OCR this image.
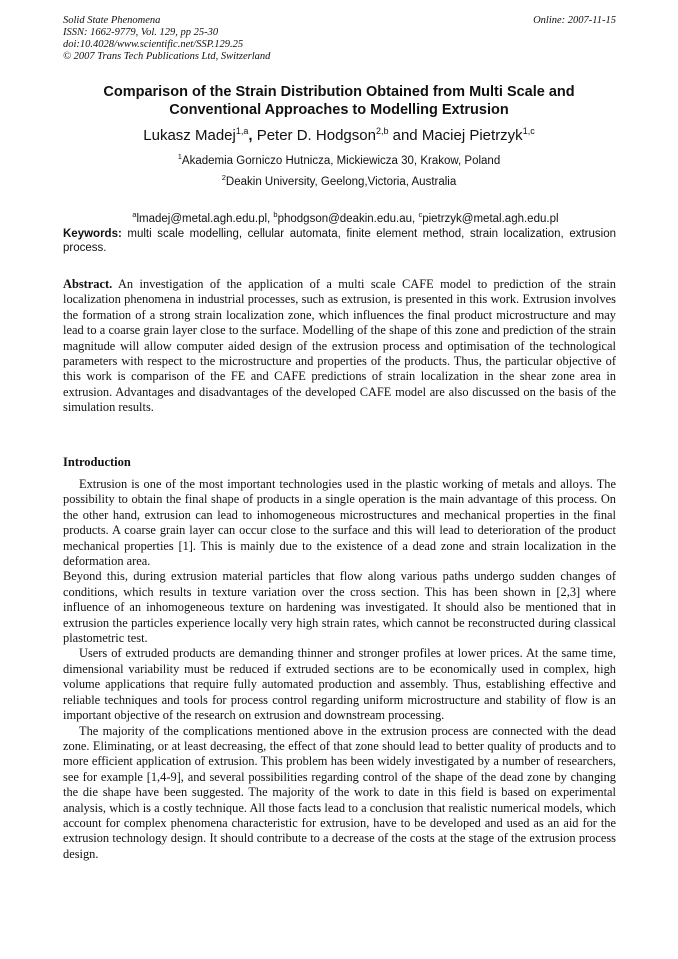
Solid State Phenomena
ISSN: 1662-9779, Vol. 129, pp 25-30
doi:10.4028/www.scientific.net/SSP.129.25
© 2007 Trans Tech Publications Ltd, Switzerland
Online: 2007-11-15
Comparison of the Strain Distribution Obtained from Multi Scale and
Conventional Approaches to Modelling Extrusion
Lukasz Madej$^{1,a}$, Peter D. Hodgson$^{2,b}$ and Maciej Pietrzyk$^{1,c}$
$^1$Akademia Gorniczo Hutnicza, Mickiewicza 30, Krakow, Poland
$^2$Deakin University, Geelong,Victoria, Australia

$^a$lmadej@metal.agh.edu.pl, $^b$phodgson@deakin.edu.au, $^c$pietrzyk@metal.agh.edu.pl

Keywords: multi scale modelling, cellular automata, finite element method, strain localization, extrusion process.

Abstract. An investigation of the application of a multi scale CAFE model to prediction of the strain localization phenomena in industrial processes, such as extrusion, is presented in this work. Extrusion involves the formation of a strong strain localization zone, which influences the final product microstructure and may lead to a coarse grain layer close to the surface. Modelling of the shape of this zone and prediction of the strain magnitude will allow computer aided design of the extrusion process and optimisation of the technological parameters with respect to the microstructure and properties of the products. Thus, the particular objective of this work is comparison of the FE and CAFE predictions of strain localization in the shear zone area in extrusion. Advantages and disadvantages of the developed CAFE model are also discussed on the basis of the simulation results.

Introduction

Extrusion is one of the most important technologies used in the plastic working of metals and alloys. The possibility to obtain the final shape of products in a single operation is the main advantage of this process. On the other hand, extrusion can lead to inhomogeneous microstructures and mechanical properties in the final products. A coarse grain layer can occur close to the surface and this will lead to deterioration of the product mechanical properties [1]. This is mainly due to the existence of a dead zone and strain localization in the deformation area.

Beyond this, during extrusion material particles that flow along various paths undergo sudden changes of conditions, which results in texture variation over the cross section. This has been shown in [2,3] where influence of an inhomogeneous texture on hardening was investigated. It should also be mentioned that in extrusion the particles experience locally very high strain rates, which cannot be reconstructed during classical plastometric test.

Users of extruded products are demanding thinner and stronger profiles at lower prices. At the same time, dimensional variability must be reduced if extruded sections are to be economically used in complex, high volume applications that require fully automated production and assembly. Thus, establishing effective and reliable techniques and tools for process control regarding uniform microstructure and stability of flow is an important objective of the research on extrusion and downstream processing.

The majority of the complications mentioned above in the extrusion process are connected with the dead zone. Eliminating, or at least decreasing, the effect of that zone should lead to better quality of products and to more efficient application of extrusion. This problem has been widely investigated by a number of researchers, see for example [1,4-9], and several possibilities regarding control of the shape of the dead zone by changing the die shape have been suggested. The majority of the work to date in this field is based on experimental analysis, which is a costly technique. All those facts lead to a conclusion that realistic numerical models, which account for complex phenomena characteristic for extrusion, have to be developed and used as an aid for the extrusion technology design. It should contribute to a decrease of the costs at the stage of the extrusion process design.
